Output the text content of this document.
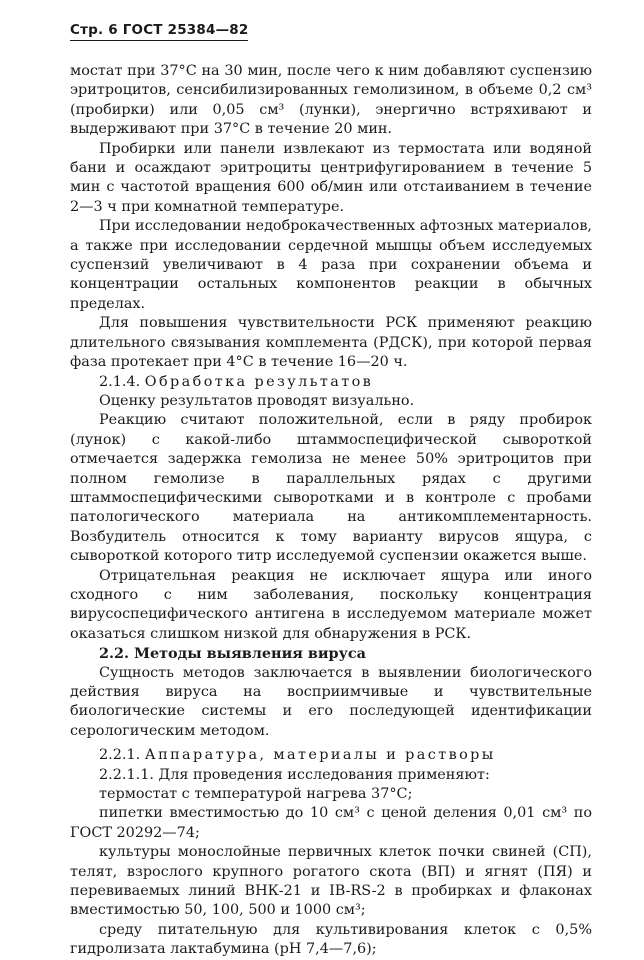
Стр. 6 ГОСТ 25384—82

мостат при 37°С на 30 мин, после чего к ним добавляют суспензию эритроцитов, сенсибилизированных гемолизином, в объеме 0,2 см³ (пробирки) или 0,05 см³ (лунки), энергично встряхивают и выдерживают при 37°С в течение 20 мин.

Пробирки или панели извлекают из термостата или водяной бани и осаждают эритроциты центрифугированием в течение 5 мин с частотой вращения 600 об/мин или отстаиванием в течение 2—3 ч при комнатной температуре.

При исследовании недоброкачественных афтозных материалов, а также при исследовании сердечной мышцы объем исследуемых суспензий увеличивают в 4 раза при сохранении объема и концентрации остальных компонентов реакции в обычных пределах.

Для повышения чувствительности РСК применяют реакцию длительного связывания комплемента (РДСК), при которой первая фаза протекает при 4°С в течение 16—20 ч.

2.1.4. Обработка результатов

Оценку результатов проводят визуально.

Реакцию считают положительной, если в ряду пробирок (лунок) с какой-либо штаммоспецифической сывороткой отмечается задержка гемолиза не менее 50% эритроцитов при полном гемолизе в параллельных рядах с другими штаммоспецифическими сыворотками и в контроле с пробами патологического материала на антикомплементарность. Возбудитель относится к тому варианту вирусов ящура, с сывороткой которого титр исследуемой суспензии окажется выше.

Отрицательная реакция не исключает ящура или иного сходного с ним заболевания, поскольку концентрация вирусоспецифического антигена в исследуемом материале может оказаться слишком низкой для обнаружения в РСК.

2.2. Методы выявления вируса

Сущность методов заключается в выявлении биологического действия вируса на восприимчивые и чувствительные биологические системы и его последующей идентификации серологическим методом.

2.2.1. Аппаратура, материалы и растворы

2.2.1.1. Для проведения исследования применяют:

термостат с температурой нагрева 37°С;

пипетки вместимостью до 10 см³ с ценой деления 0,01 см³ по ГОСТ 20292—74;

культуры монослойные первичных клеток почки свиней (СП), телят, взрослого крупного рогатого скота (ВП) и ягнят (ПЯ) и перевиваемых линий ВНК-21 и IB-RS-2 в пробирках и флаконах вместимостью 50, 100, 500 и 1000 см³;

среду питательную для культивирования клеток с 0,5% гидролизата лактабумина (рН 7,4—7,6);
